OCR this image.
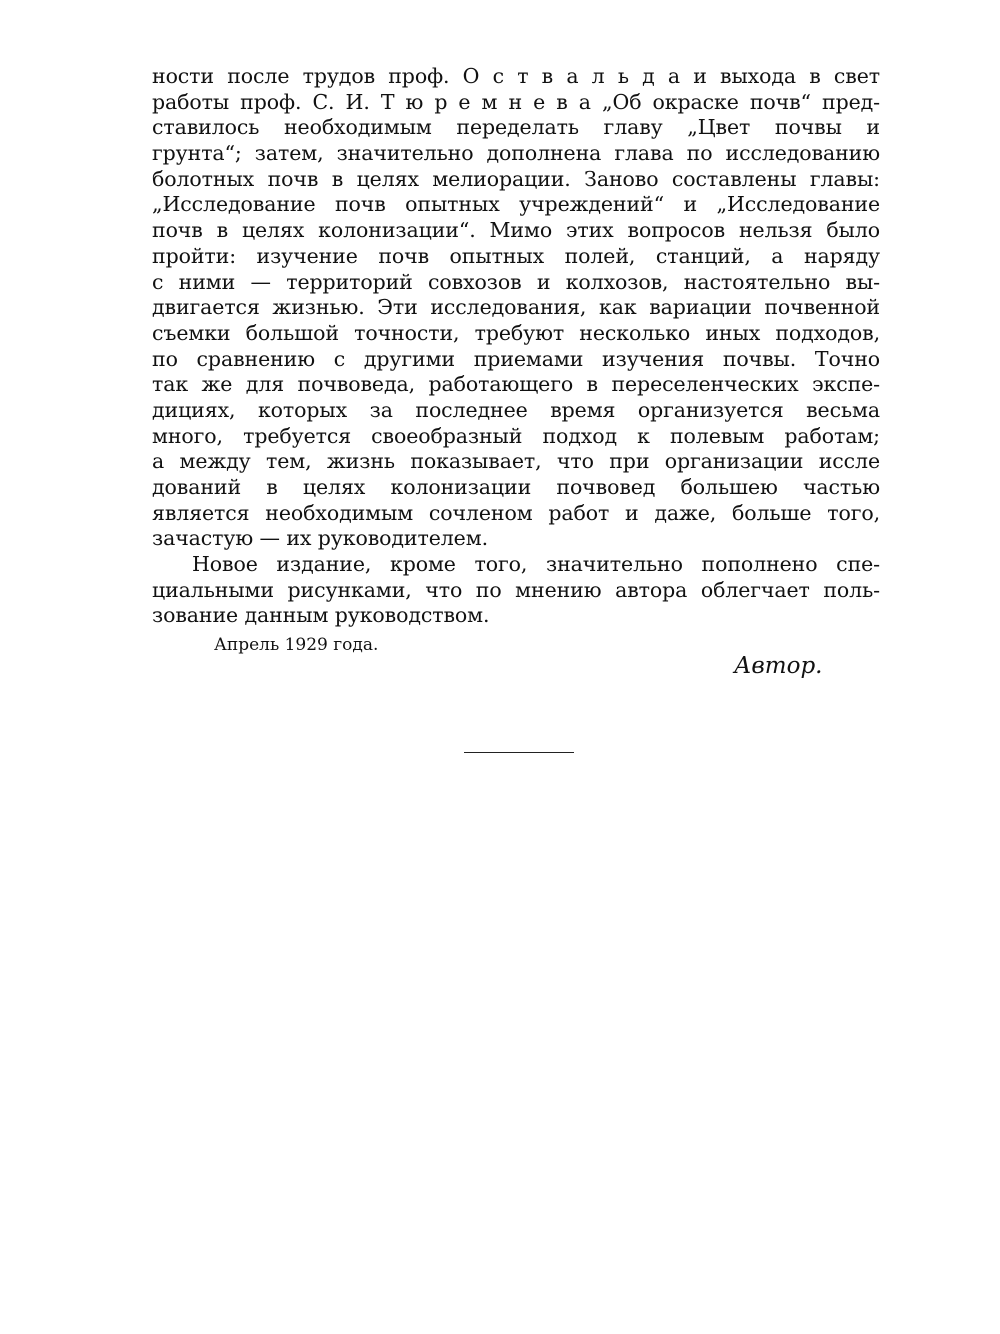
ности после трудов проф. О с т в а л ь д а и выхода в свет
работы проф. С. И. Т ю р е м н е в а „Об окраске почв“ пред-
ставилось необходимым переделать главу „Цвет почвы и
грунта“; затем, значительно дополнена глава по исследованию
болотных почв в целях мелиорации. Заново составлены главы:
„Исследование почв опытных учреждений“ и „Исследование
почв в целях колонизации“. Мимо этих вопросов нельзя было
пройти: изучение почв опытных полей, станций, а наряду
с ними — территорий совхозов и колхозов, настоятельно вы-
двигается жизнью. Эти исследования, как вариации почвенной
съемки большой точности, требуют несколько иных подходов,
по сравнению с другими приемами изучения почвы. Точно
так же для почвоведа, работающего в переселенческих экспе-
дициях, которых за последнее время организуется весьма
много, требуется своеобразный подход к полевым работам;
а между тем, жизнь показывает, что при организации иссле
дований в целях колонизации почвовед большею частью
является необходимым сочленом работ и даже, больше того,
зачастую — их руководителем.
Новое издание, кроме того, значительно пополнено спе-
циальными рисунками, что по мнению автора облегчает поль-
зование данным руководством.
Апрель 1929 года.
Автор.
